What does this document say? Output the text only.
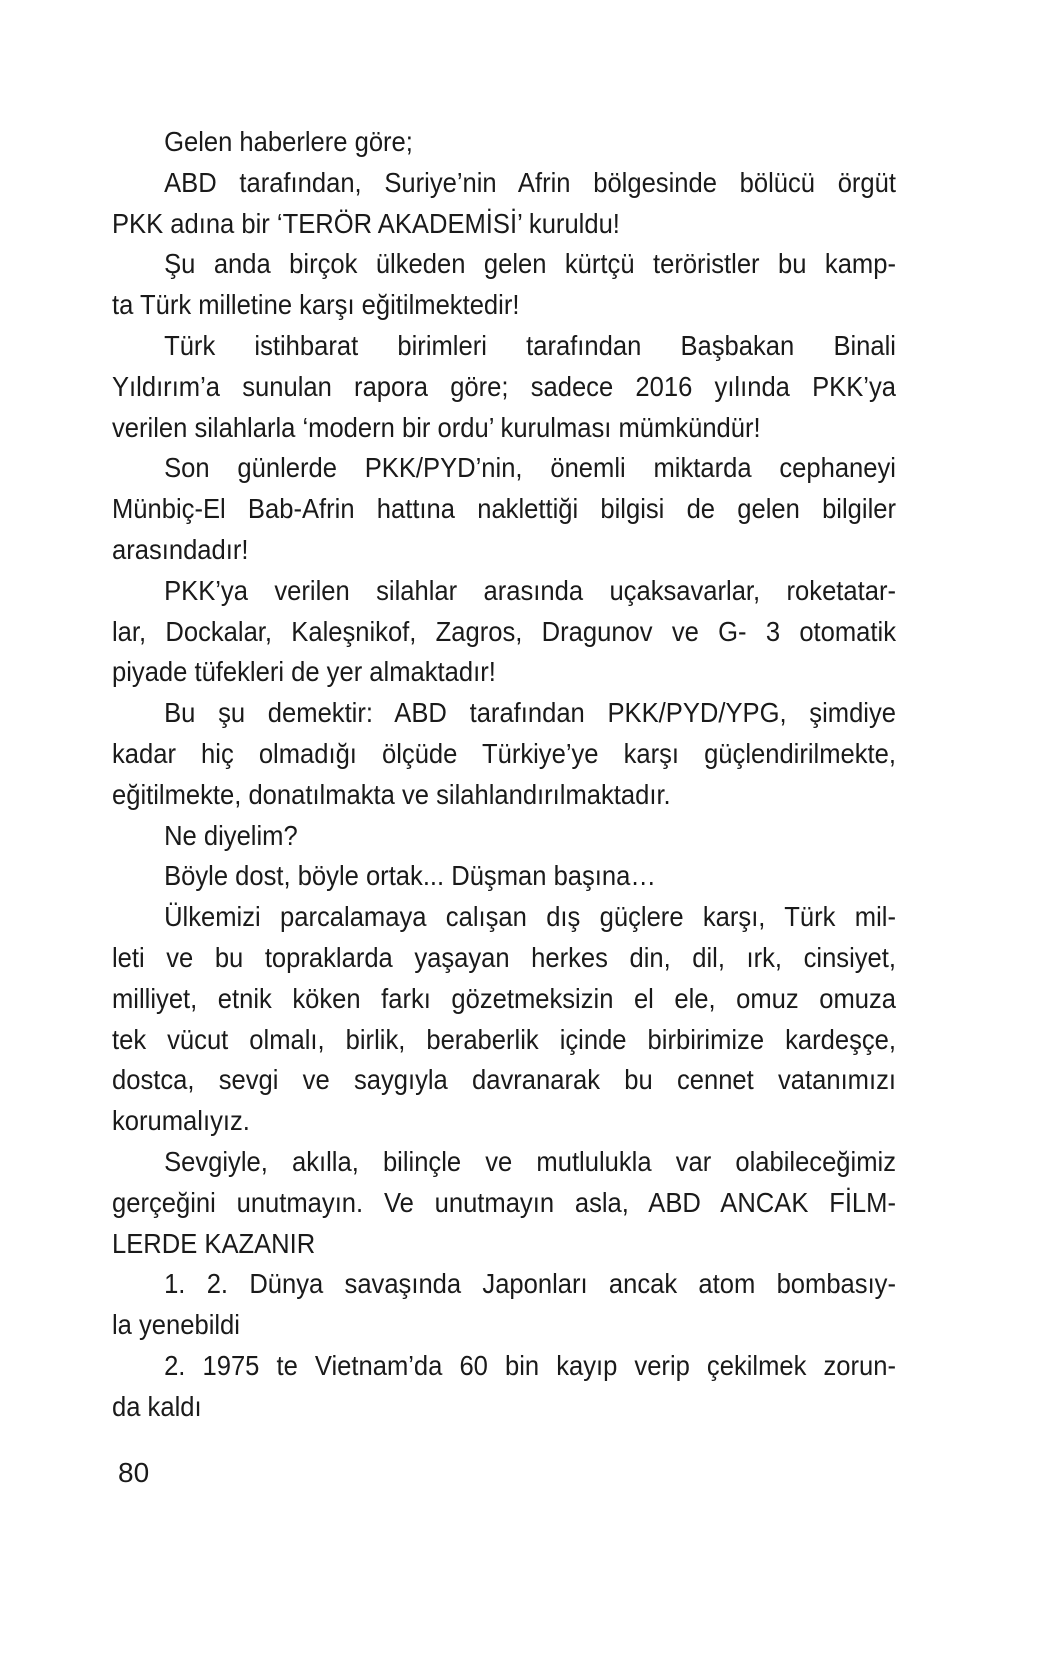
Gelen haberlere göre;
ABD tarafından, Suriye’nin Afrin bölgesinde bölücü örgüt
PKK adına bir ‘TERÖR AKADEMİSİ’ kuruldu!
Şu anda birçok ülkeden gelen kürtçü teröristler bu kamp-
ta Türk milletine karşı eğitilmektedir!
Türk istihbarat birimleri tarafından Başbakan Binali
Yıldırım’a sunulan rapora göre; sadece 2016 yılında PKK’ya
verilen silahlarla ‘modern bir ordu’ kurulması mümkündür!
Son günlerde PKK/PYD’nin, önemli miktarda cephaneyi
Münbiç-El Bab-Afrin hattına naklettiği bilgisi de gelen bilgiler
arasındadır!
PKK’ya verilen silahlar arasında uçaksavarlar, roketatar-
lar, Dockalar, Kaleşnikof, Zagros, Dragunov ve G- 3 otomatik
piyade tüfekleri de yer almaktadır!
Bu şu demektir: ABD tarafından PKK/PYD/YPG, şimdiye
kadar hiç olmadığı ölçüde Türkiye’ye karşı güçlendirilmekte,
eğitilmekte, donatılmakta ve silahlandırılmaktadır.
Ne diyelim?
Böyle dost, böyle ortak... Düşman başına…
Ülkemizi parcalamaya calışan dış güçlere karşı, Türk mil-
leti ve bu topraklarda yaşayan herkes din, dil, ırk, cinsiyet,
milliyet, etnik köken farkı gözetmeksizin el ele, omuz omuza
tek vücut olmalı, birlik, beraberlik içinde birbirimize kardeşçe,
dostca, sevgi ve saygıyla davranarak bu cennet vatanımızı
korumalıyız.
Sevgiyle, akılla, bilinçle ve mutlulukla var olabileceğimiz
gerçeğini unutmayın. Ve unutmayın asla, ABD ANCAK FİLM-
LERDE KAZANIR
1. 2. Dünya savaşında Japonları ancak atom bombasıy-
la yenebildi
2. 1975 te Vietnam’da 60 bin kayıp verip çekilmek zorun-
da kaldı
80
